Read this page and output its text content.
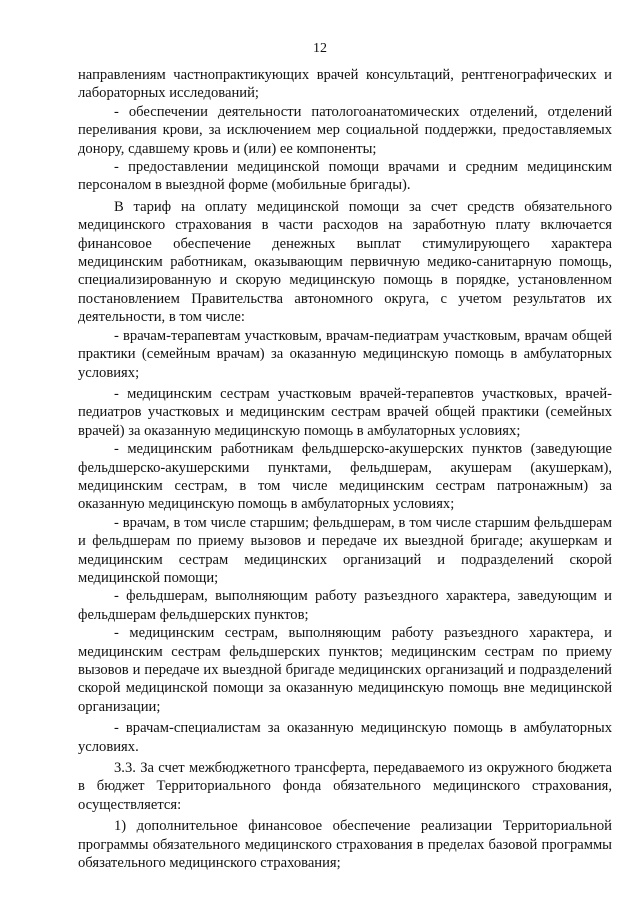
12

направлениям частнопрактикующих врачей консультаций, рентгенографических и лабораторных исследований;

- обеспечении деятельности патологоанатомических отделений, отделений переливания крови, за исключением мер социальной поддержки, предоставляемых донору, сдавшему кровь и (или) ее компоненты;

- предоставлении медицинской помощи врачами и средним медицинским персоналом в выездной форме (мобильные бригады).

В тариф на оплату медицинской помощи за счет средств обязательного медицинского страхования в части расходов на заработную плату включается финансовое обеспечение денежных выплат стимулирующего характера медицинским работникам, оказывающим первичную медико-санитарную помощь, специализированную и скорую медицинскую помощь в порядке, установленном постановлением Правительства автономного округа, с учетом результатов их деятельности, в том числе:

- врачам-терапевтам участковым, врачам-педиатрам участковым, врачам общей практики (семейным врачам) за оказанную медицинскую помощь в амбулаторных условиях;

- медицинским сестрам участковым врачей-терапевтов участковых, врачей-педиатров участковых и медицинским сестрам врачей общей практики (семейных врачей) за оказанную медицинскую помощь в амбулаторных условиях;

- медицинским работникам фельдшерско-акушерских пунктов (заведующие фельдшерско-акушерскими пунктами, фельдшерам, акушерам (акушеркам), медицинским сестрам, в том числе медицинским сестрам патронажным) за оказанную медицинскую помощь в амбулаторных условиях;

- врачам, в том числе старшим; фельдшерам, в том числе старшим фельдшерам и фельдшерам по приему вызовов и передаче их выездной бригаде; акушеркам и медицинским сестрам медицинских организаций и подразделений скорой медицинской помощи;

- фельдшерам, выполняющим работу разъездного характера, заведующим и фельдшерам фельдшерских пунктов;

- медицинским сестрам, выполняющим работу разъездного характера, и медицинским сестрам фельдшерских пунктов; медицинским сестрам по приему вызовов и передаче их выездной бригаде медицинских организаций и подразделений скорой медицинской помощи за оказанную медицинскую помощь вне медицинской организации;

- врачам-специалистам за оказанную медицинскую помощь в амбулаторных условиях.

3.3. За счет межбюджетного трансферта, передаваемого из окружного бюджета в бюджет Территориального фонда обязательного медицинского страхования, осуществляется:

1) дополнительное финансовое обеспечение реализации Территориальной программы обязательного медицинского страхования в пределах базовой программы обязательного медицинского страхования;
